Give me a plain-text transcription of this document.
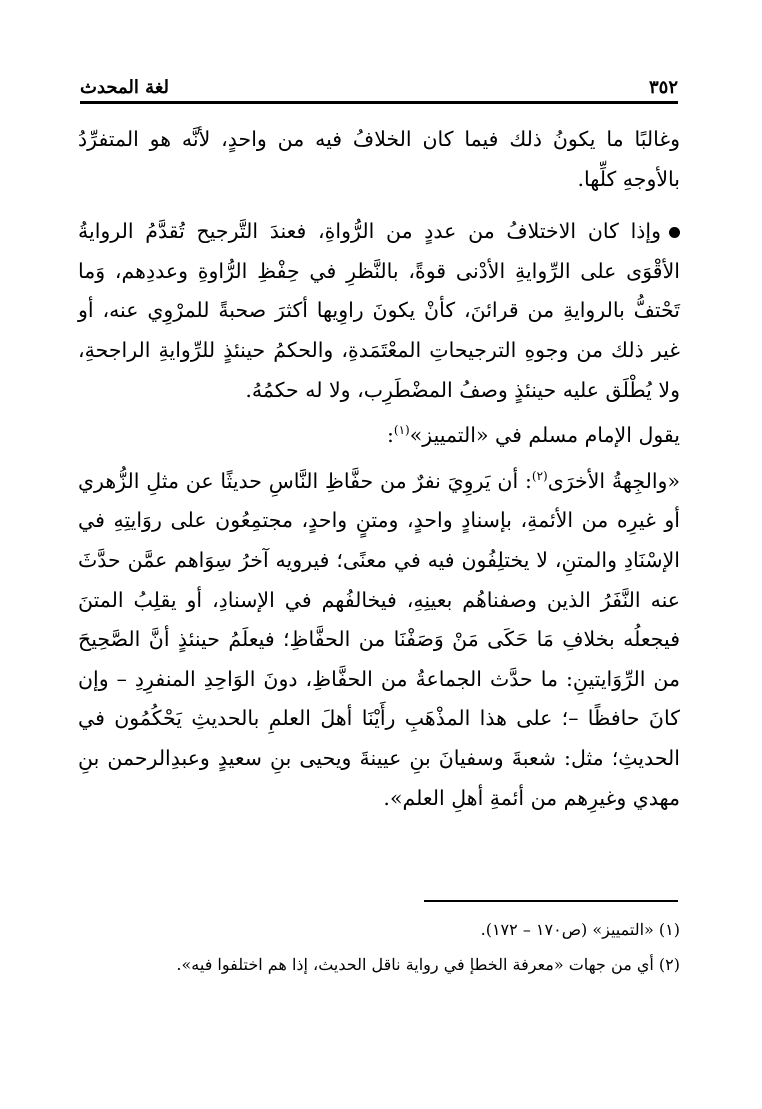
٣٥٢
لغة المحدث

وغالبًا ما يكونُ ذلك فيما كان الخلافُ فيه من واحدٍ، لأنَّه هو المتفرِّدُ بالأوجهِ كلِّها.

وإذا كان الاختلافُ من عددٍ من الرُّواةِ، فعندَ التَّرجيح تُقدَّمُ الروايةُ الأقْوَى على الرِّوايةِ الأدْنى قوةً، بالنَّظرِ في حِفْظِ الرُّاوةِ وعددِهم، وَما تَحْتفُّ بالروايةِ من قرائنَ، كأنْ يكونَ راوِيها أكثرَ صحبةً للمرْوِي عنه، أو غير ذلك من وجوهِ الترجيحاتِ المعْتَمَدةِ، والحكمُ حينئذٍ للرِّوايةِ الراجحةِ، ولا يُطْلَق عليه حينئذٍ وصفُ المضْطَرِب، ولا له حكمُهُ.

يقول الإمام مسلم في «التمييز»$^{(١)}$:

«والجِهةُ الأخرَى$^{(٢)}$: أن يَروِيَ نفرٌ من حفَّاظِ النَّاسِ حديثًا عن مثلِ الزُّهري أو غيرِه من الأئمةِ، بإسنادٍ واحدٍ، ومتنٍ واحدٍ، مجتمِعُون على روَايتِهِ في الإسْنَادِ والمتنِ، لا يختلِفُون فيه في معنًى؛ فيرويه آخرُ سِوَاهم عمَّن حدَّثَ عنه النَّفَرُ الذين وصفناهُم بعينِهِ، فيخالفُهم في الإسنادِ، أو يقلِبُ المتنَ فيجعلُه بخلافِ مَا حَكَى مَنْ وَصَفْنَا من الحفَّاظِ؛ فيعلَمُ حينئذٍ أنَّ الصَّحِيحَ من الرِّوَايتينِ: ما حدَّث الجماعةُ من الحفَّاظِ، دونَ الوَاحِدِ المنفرِدِ – وإن كانَ حافظًا –؛ على هذا المذْهَبِ رأَيْنَا أهلَ العلمِ بالحديثِ يَحْكُمُون في الحديثِ؛ مثل: شعبةَ وسفيانَ بنِ عيينةَ ويحيى بنِ سعيدٍ وعبدِالرحمن بنِ مهدي وغيرِهم من أئمةِ أهلِ العلم».

(١) «التمييز» (ص١٧٠ – ١٧٢).

(٢) أي من جهات «معرفة الخطإ في رواية ناقل الحديث، إذا هم اختلفوا فيه».
